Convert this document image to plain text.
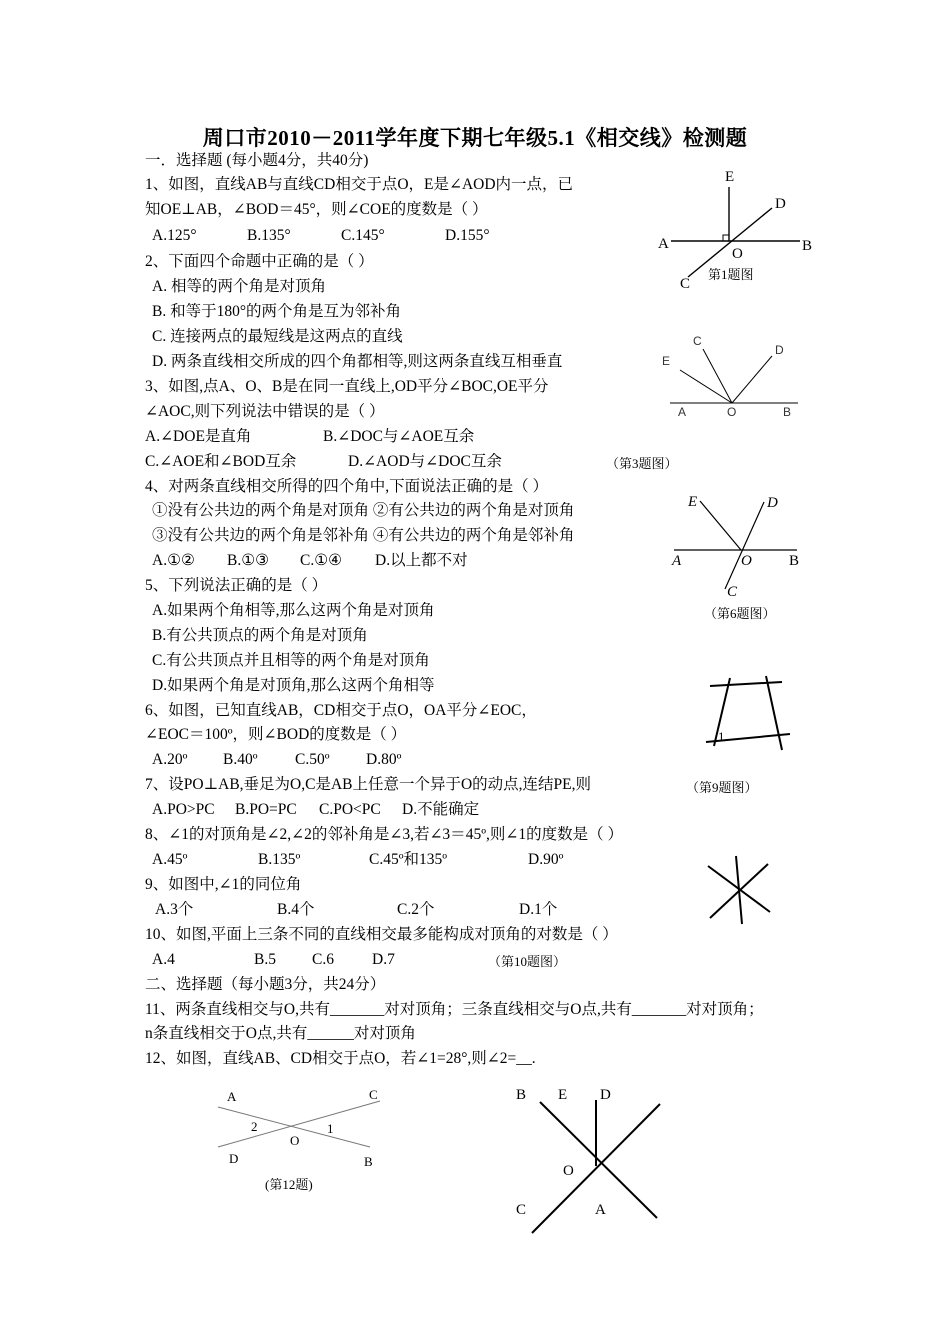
周口市2010－2011学年度下期七年级5.1《相交线》检测题
一．选择题 (每小题4分，共40分)
1、如图，直线AB与直线CD相交于点O，E是∠AOD内一点，已
知OE⊥AB，∠BOD＝45°，则∠COE的度数是（ ）
A.125°	B.135°	C.145°	D.155°
2、下面四个命题中正确的是（ ）
A. 相等的两个角是对顶角
B. 和等于180°的两个角是互为邻补角
C. 连接两点的最短线是这两点的直线
D. 两条直线相交所成的四个角都相等,则这两条直线互相垂直
3、如图,点A、O、B是在同一直线上,OD平分∠BOC,OE平分
∠AOC,则下列说法中错误的是（ ）
A.∠DOE是直角	B.∠DOC与∠AOE互余
C.∠AOE和∠BOD互余	D.∠AOD与∠DOC互余
4、对两条直线相交所得的四个角中,下面说法正确的是（ ）
①没有公共边的两个角是对顶角 ②有公共边的两个角是对顶角
③没有公共边的两个角是邻补角 ④有公共边的两个角是邻补角
A.①② B.①③ C.①④ D.以上都不对
5、下列说法正确的是（ ）
A.如果两个角相等,那么这两个角是对顶角
B.有公共顶点的两个角是对顶角
C.有公共顶点并且相等的两个角是对顶角
D.如果两个角是对顶角,那么这两个角相等
6、如图，已知直线AB，CD相交于点O，OA平分∠EOC，
∠EOC＝100º，则∠BOD的度数是（ ）
A.20º B.40º C.50º D.80º
7、设PO⊥AB,垂足为O,C是AB上任意一个异于O的动点,连结PE,则
A.PO>PC B.PO=PC C.PO<PC D.不能确定
8、∠1的对顶角是∠2,∠2的邻补角是∠3,若∠3＝45º,则∠1的度数是（ ）
A.45º	B.135º	C.45º和135º	D.90º
9、如图中,∠1的同位角
A.3个	B.4个	C.2个	D.1个
10、如图,平面上三条不同的直线相交最多能构成对顶角的对数是（ ）
A.4	B.5 C.6 D.7
二、选择题（每小题3分，共24分）
11、两条直线相交与O,共有_______对对顶角；三条直线相交与O点,共有_______对对顶角；
n条直线相交于O点,共有______对对顶角
12、如图，直线AB、CD相交于点O，若∠1=28°,则∠2=__.
E
D
A
O	B
C
第1题图
C
D
E
A	O	B
（第3题图）
E	D
A	O B
C
（第6题图）
1
（第9题图）
（第10题图）
A	C
2
O
1
D	B
(第12题)
B E D
O
C	A
